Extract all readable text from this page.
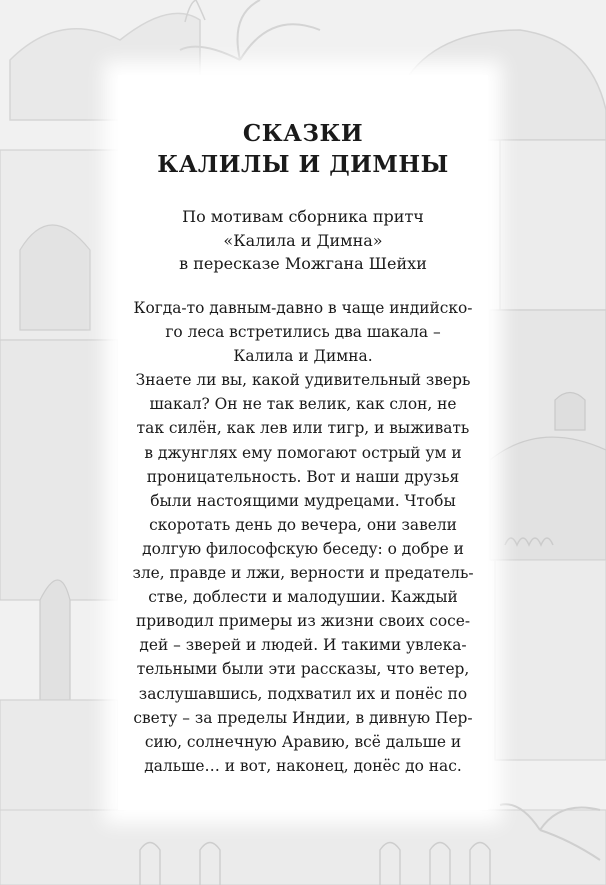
СКАЗКИ
КАЛИЛЫ И ДИМНЫ
По мотивам сборника притч
«Калила и Димна»
в пересказе Можгана Шейхи
Когда-то давным-давно в чаще индийско-
го леса встретились два шакала –
Калила и Димна.
Знаете ли вы, какой удивительный зверь
шакал? Он не так велик, как слон, не
так силён, как лев или тигр, и выживать
в джунглях ему помогают острый ум и
проницательность. Вот и наши друзья
были настоящими мудрецами. Чтобы
скоротать день до вечера, они завели
долгую философскую беседу: о добре и
зле, правде и лжи, верности и предатель-
стве, доблести и малодушии. Каждый
приводил примеры из жизни своих сосе-
дей – зверей и людей. И такими увлека-
тельными были эти рассказы, что ветер,
заслушавшись, подхватил их и понёс по
свету – за пределы Индии, в дивную Пер-
сию, солнечную Аравию, всё дальше и
дальше… и вот, наконец, донёс до нас.
